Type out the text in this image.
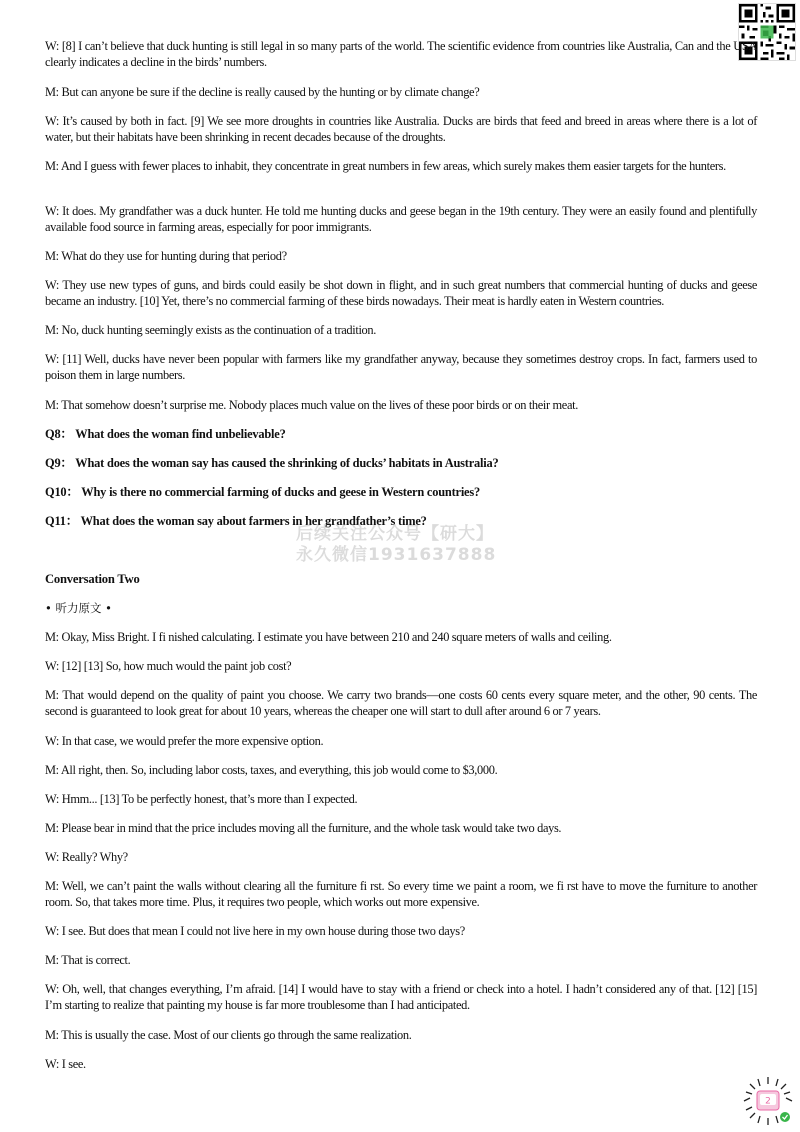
W: [8] I can’t believe that duck hunting is still legal in so many parts of the world. The scientific evidence from countries like Australia, Can and the USA clearly indicates a decline in the birds’ numbers.

M: But can anyone be sure if the decline is really caused by the hunting or by climate change?

W: It’s caused by both in fact. [9] We see more droughts in countries like Australia. Ducks are birds that feed and breed in areas where there is a lot of water, but their habitats have been shrinking in recent decades because of the droughts.

M: And I guess with fewer places to inhabit, they concentrate in great numbers in few areas, which surely makes them easier targets for the hunters.

W: It does. My grandfather was a duck hunter. He told me hunting ducks and geese began in the 19th century. They were an easily found and plentifully available food source in farming areas, especially for poor immigrants.

M: What do they use for hunting during that period?

W: They use new types of guns, and birds could easily be shot down in flight, and in such great numbers that commercial hunting of ducks and geese became an industry. [10] Yet, there’s no commercial farming of these birds nowadays. Their meat is hardly eaten in Western countries.

M: No, duck hunting seemingly exists as the continuation of a tradition.

W: [11] Well, ducks have never been popular with farmers like my grandfather anyway, because they sometimes destroy crops. In fact, farmers used to poison them in large numbers.

M: That somehow doesn’t surprise me. Nobody places much value on the lives of these poor birds or on their meat.

Q8： What does the woman find unbelievable?

Q9： What does the woman say has caused the shrinking of ducks’ habitats in Australia?

Q10： Why is there no commercial farming of ducks and geese in Western countries?

Q11： What does the woman say about farmers in her grandfather’s time?

后续关注公众号【研大】
永久微信1931637888

Conversation Two

• 听力原文 •

M: Okay, Miss Bright. I fi nished calculating. I estimate you have between 210 and 240 square meters of walls and ceiling.

W: [12] [13] So, how much would the paint job cost?

M: That would depend on the quality of paint you choose. We carry two brands—one costs 60 cents every square meter, and the other, 90 cents. The second is guaranteed to look great for about 10 years, whereas the cheaper one will start to dull after around 6 or 7 years.

W: In that case, we would prefer the more expensive option.

M: All right, then. So, including labor costs, taxes, and everything, this job would come to $3,000.

W: Hmm... [13] To be perfectly honest, that’s more than I expected.

M: Please bear in mind that the price includes moving all the furniture, and the whole task would take two days.

W: Really? Why?

M: Well, we can’t paint the walls without clearing all the furniture fi rst. So every time we paint a room, we fi rst have to move the furniture to another room. So, that takes more time. Plus, it requires two people, which works out more expensive.

W: I see. But does that mean I could not live here in my own house during those two days?

M: That is correct.

W: Oh, well, that changes everything, I’m afraid. [14] I would have to stay with a friend or check into a hotel. I hadn’t considered any of that. [12] [15] I’m starting to realize that painting my house is far more troublesome than I had anticipated.

M: This is usually the case. Most of our clients go through the same realization.

W: I see.

2
